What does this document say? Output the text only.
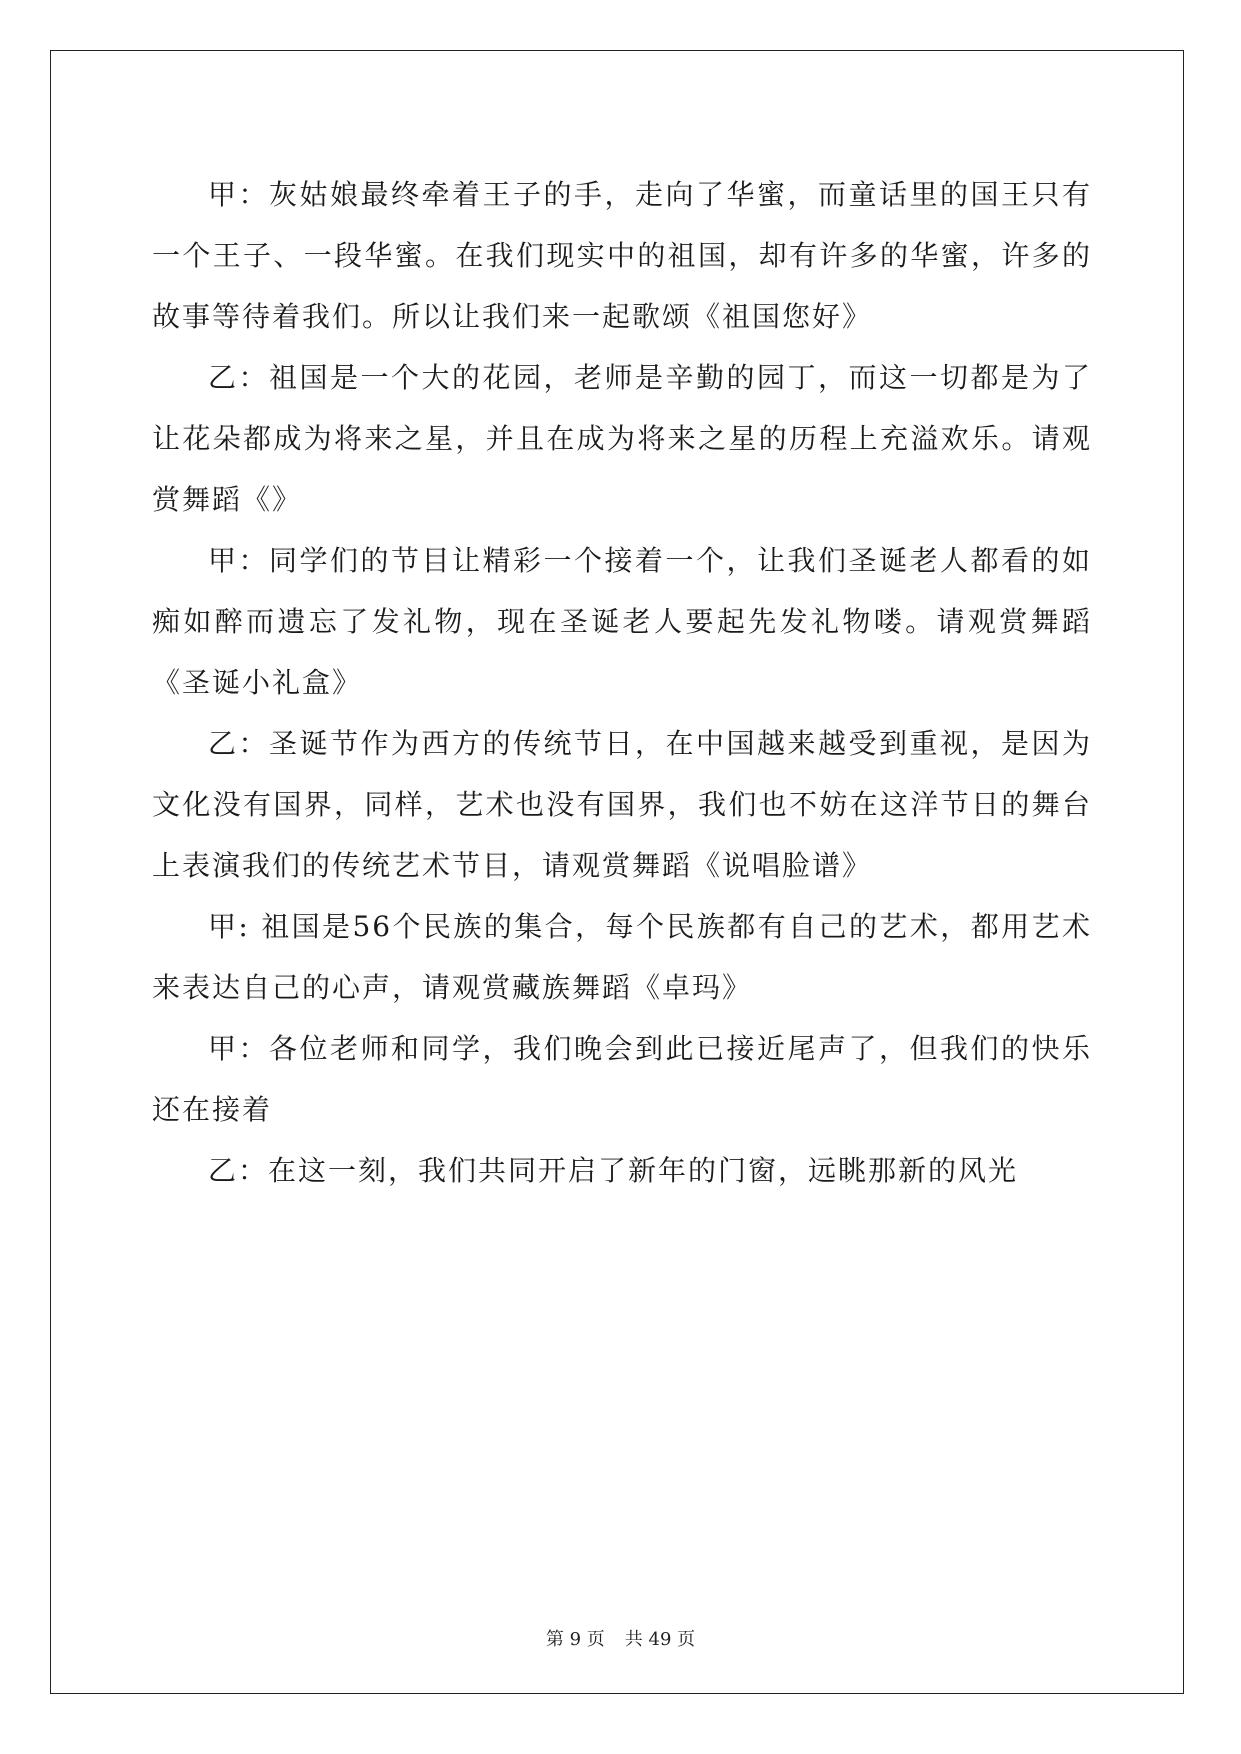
甲：灰姑娘最终牵着王子的手，走向了华蜜，而童话里的国王只有一个王子、一段华蜜。在我们现实中的祖国，却有许多的华蜜，许多的故事等待着我们。所以让我们来一起歌颂《祖国您好》

乙：祖国是一个大的花园，老师是辛勤的园丁，而这一切都是为了让花朵都成为将来之星，并且在成为将来之星的历程上充溢欢乐。请观赏舞蹈《》

甲：同学们的节目让精彩一个接着一个，让我们圣诞老人都看的如痴如醉而遗忘了发礼物，现在圣诞老人要起先发礼物喽。请观赏舞蹈《圣诞小礼盒》

乙：圣诞节作为西方的传统节日，在中国越来越受到重视，是因为文化没有国界，同样，艺术也没有国界，我们也不妨在这洋节日的舞台上表演我们的传统艺术节目，请观赏舞蹈《说唱脸谱》

甲: 祖国是56个民族的集合，每个民族都有自己的艺术，都用艺术来表达自己的心声，请观赏藏族舞蹈《卓玛》

甲：各位老师和同学，我们晚会到此已接近尾声了，但我们的快乐还在接着

乙：在这一刻，我们共同开启了新年的门窗，远眺那新的风光

第 9 页 共 49 页
